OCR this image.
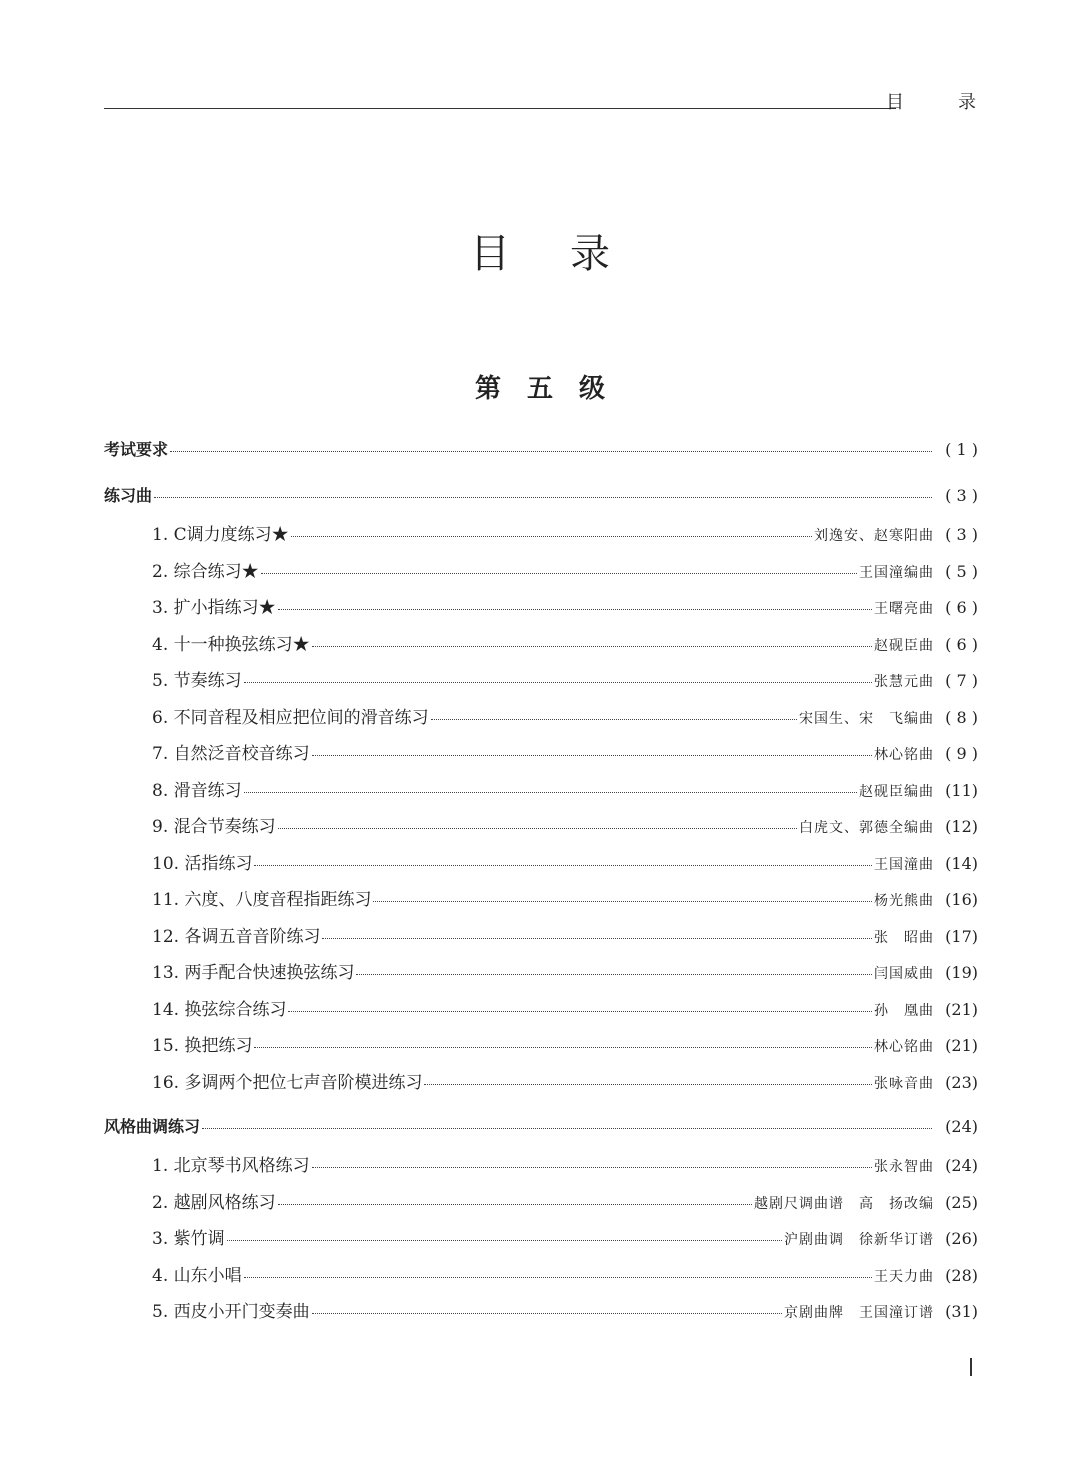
目　录
目录
第五级
考试要求	( 1 )
练习曲	( 3 )
1. C调力度练习★	刘逸安、赵寒阳曲 ( 3 )
2. 综合练习★	王国潼编曲 ( 5 )
3. 扩小指练习★	王曙亮曲 ( 6 )
4. 十一种换弦练习★	赵砚臣曲 ( 6 )
5. 节奏练习	张慧元曲 ( 7 )
6. 不同音程及相应把位间的滑音练习	宋国生、宋　飞编曲 ( 8 )
7. 自然泛音校音练习	林心铭曲 ( 9 )
8. 滑音练习	赵砚臣编曲 (11)
9. 混合节奏练习	白虎文、郭德全编曲 (12)
10. 活指练习	王国潼曲 (14)
11. 六度、八度音程指距练习	杨光熊曲 (16)
12. 各调五音音阶练习	张　昭曲 (17)
13. 两手配合快速换弦练习	闫国威曲 (19)
14. 换弦综合练习	孙　凰曲 (21)
15. 换把练习	林心铭曲 (21)
16. 多调两个把位七声音阶模进练习	张咏音曲 (23)
风格曲调练习	(24)
1. 北京琴书风格练习	张永智曲 (24)
2. 越剧风格练习	越剧尺调曲谱　高　扬改编 (25)
3. 紫竹调	沪剧曲调　徐新华订谱 (26)
4. 山东小唱	王天力曲 (28)
5. 西皮小开门变奏曲	京剧曲牌　王国潼订谱 (31)
